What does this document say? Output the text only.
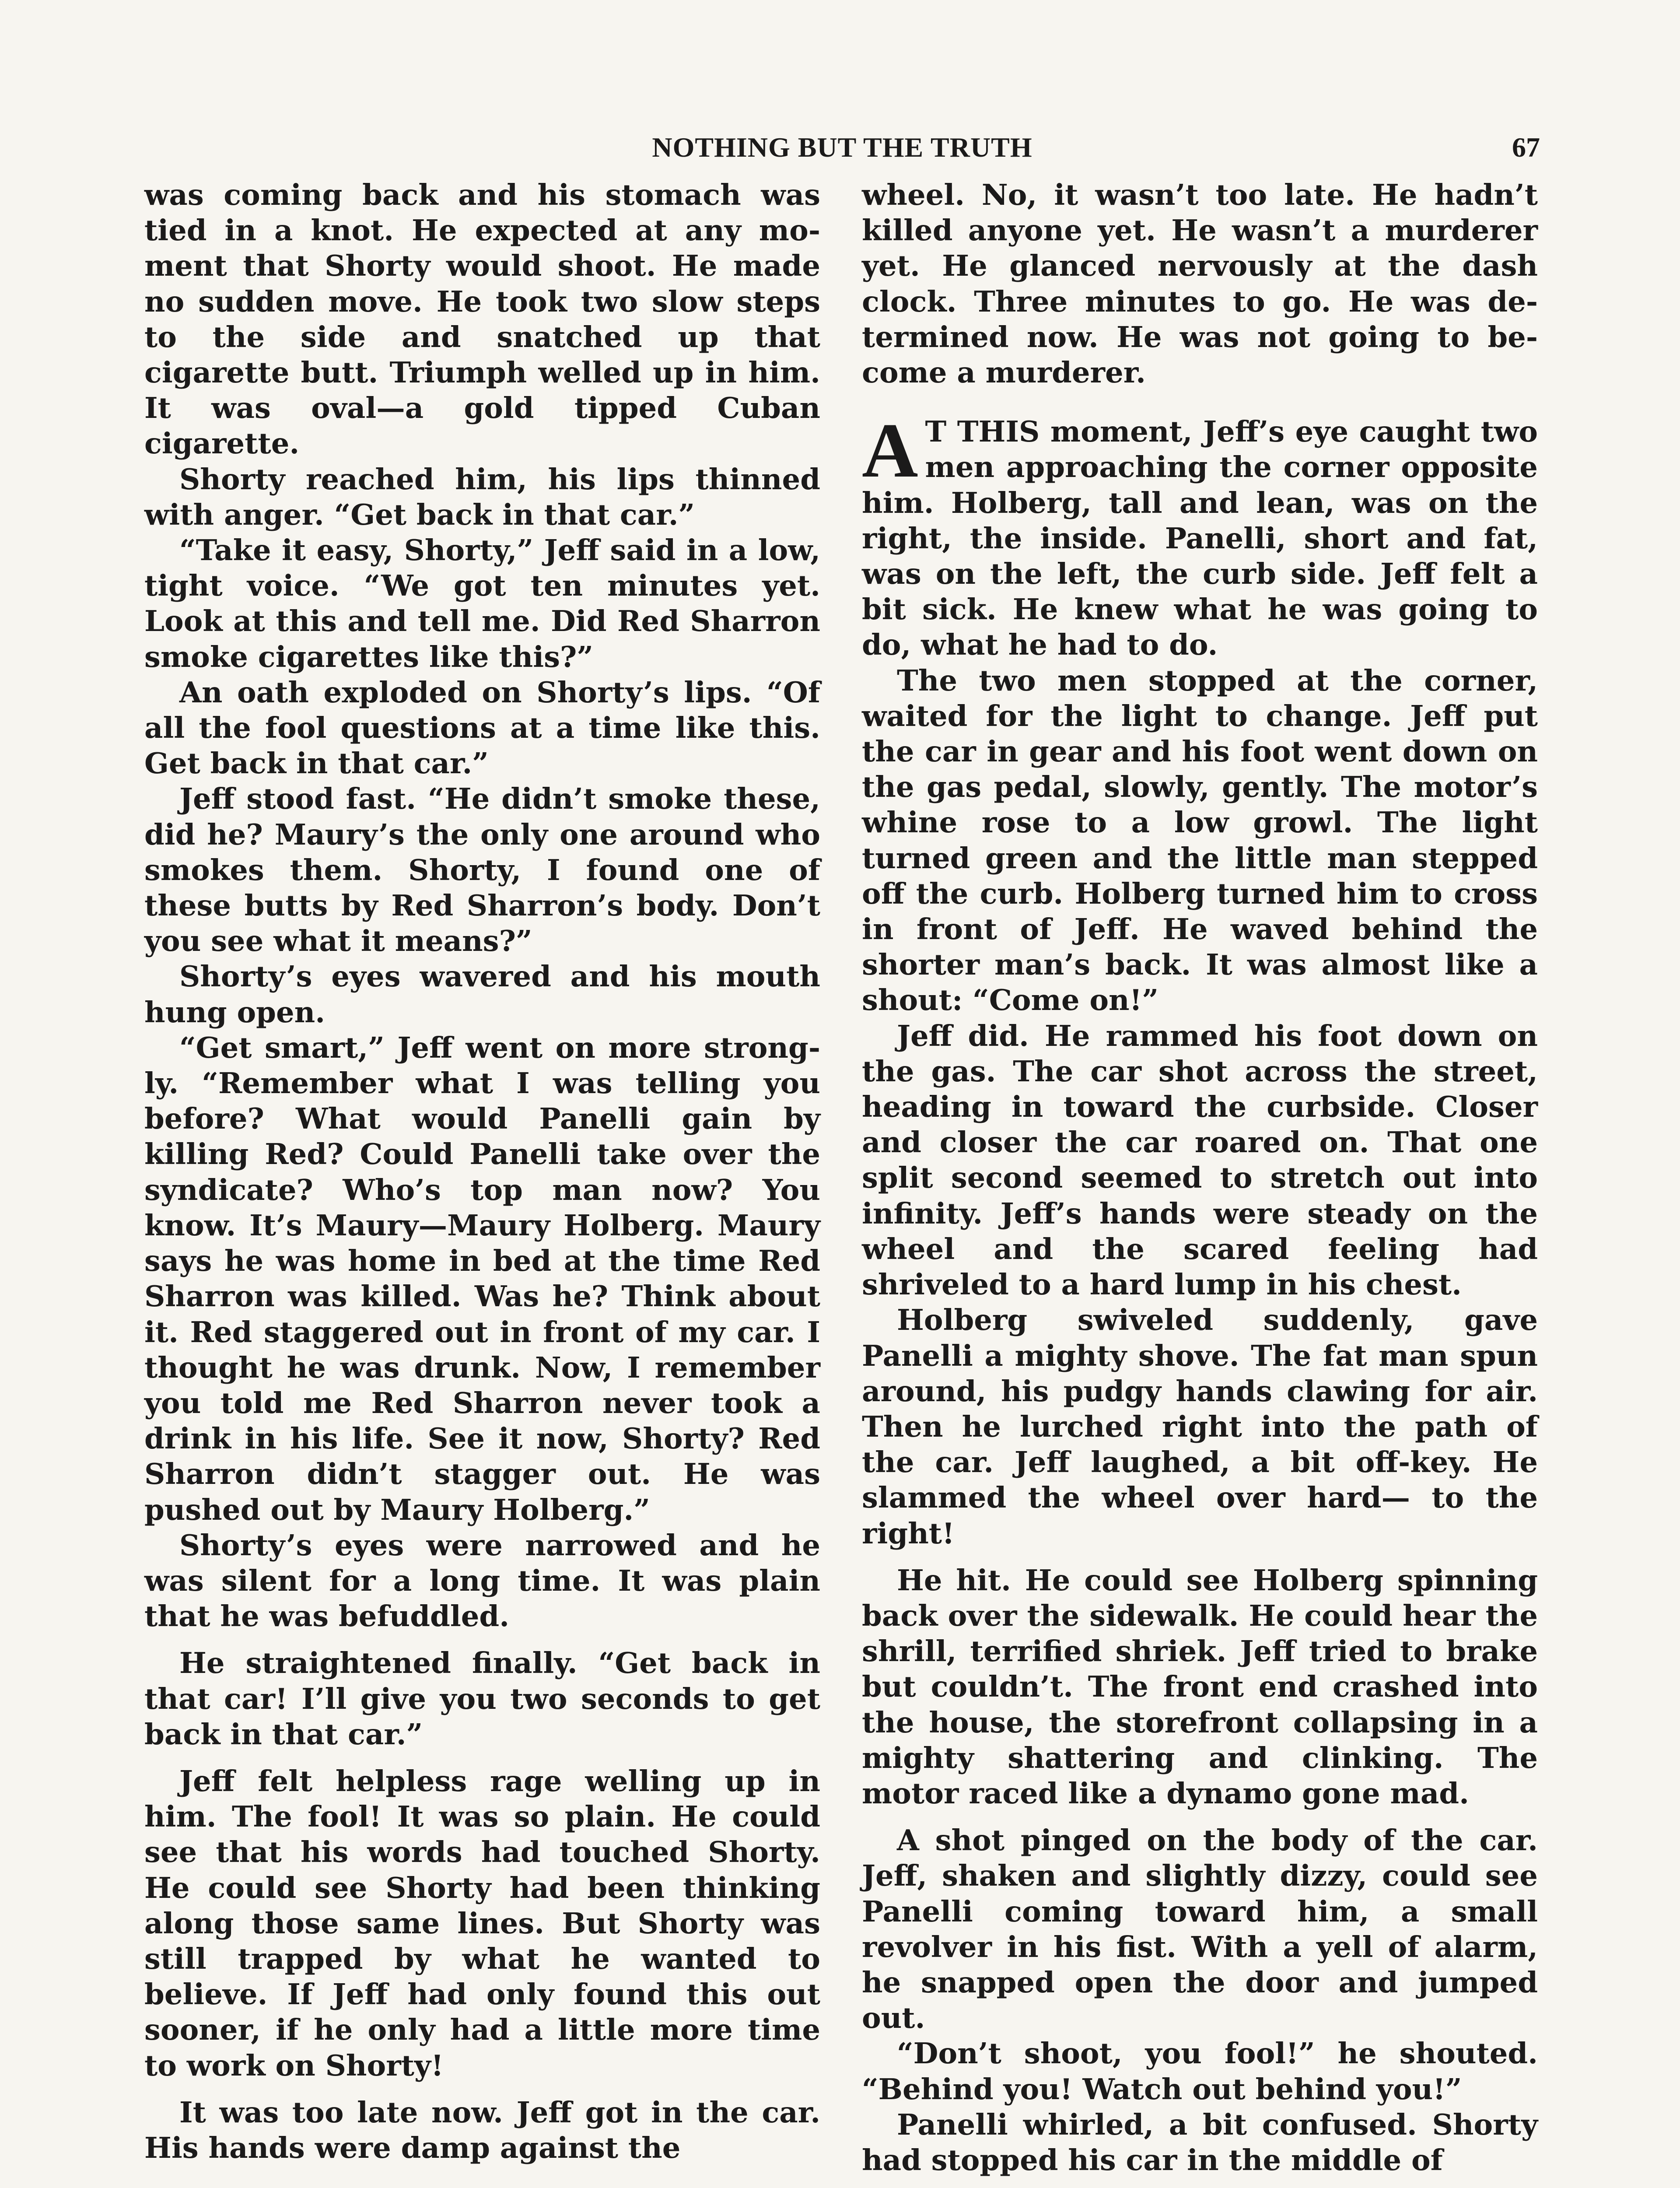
NOTHING BUT THE TRUTH	67

was coming back and his stomach was tied in a knot. He expected at any moment that Shorty would shoot. He made no sudden move. He took two slow steps to the side and snatched up that cigarette butt. Triumph welled up in him. It was oval—a gold tipped Cuban cigarette.

Shorty reached him, his lips thinned with anger. “Get back in that car.”

“Take it easy, Shorty,” Jeff said in a low, tight voice. “We got ten minutes yet. Look at this and tell me. Did Red Sharron smoke cigarettes like this?”

An oath exploded on Shorty’s lips. “Of all the fool questions at a time like this. Get back in that car.”

Jeff stood fast. “He didn’t smoke these, did he? Maury’s the only one around who smokes them. Shorty, I found one of these butts by Red Sharron’s body. Don’t you see what it means?”

Shorty’s eyes wavered and his mouth hung open.

“Get smart,” Jeff went on more strongly. “Remember what I was telling you before? What would Panelli gain by killing Red? Could Panelli take over the syndicate? Who’s top man now? You know. It’s Maury—Maury Holberg. Maury says he was home in bed at the time Red Sharron was killed. Was he? Think about it. Red staggered out in front of my car. I thought he was drunk. Now, I remember you told me Red Sharron never took a drink in his life. See it now, Shorty? Red Sharron didn’t stagger out. He was pushed out by Maury Holberg.”

Shorty’s eyes were narrowed and he was silent for a long time. It was plain that he was befuddled.

He straightened finally. “Get back in that car! I’ll give you two seconds to get back in that car.”

Jeff felt helpless rage welling up in him. The fool! It was so plain. He could see that his words had touched Shorty. He could see Shorty had been thinking along those same lines. But Shorty was still trapped by what he wanted to believe. If Jeff had only found this out sooner, if he only had a little more time to work on Shorty!

It was too late now. Jeff got in the car. His hands were damp against the

wheel. No, it wasn’t too late. He hadn’t killed anyone yet. He wasn’t a murderer yet. He glanced nervously at the dash clock. Three minutes to go. He was determined now. He was not going to become a murderer.

A T THIS moment, Jeff’s eye caught two men approaching the corner opposite him. Holberg, tall and lean, was on the right, the inside. Panelli, short and fat, was on the left, the curb side. Jeff felt a bit sick. He knew what he was going to do, what he had to do.

The two men stopped at the corner, waited for the light to change. Jeff put the car in gear and his foot went down on the gas pedal, slowly, gently. The motor’s whine rose to a low growl. The light turned green and the little man stepped off the curb. Holberg turned him to cross in front of Jeff. He waved behind the shorter man’s back. It was almost like a shout: “Come on!”

Jeff did. He rammed his foot down on the gas. The car shot across the street, heading in toward the curbside. Closer and closer the car roared on. That one split second seemed to stretch out into infinity. Jeff’s hands were steady on the wheel and the scared feeling had shriveled to a hard lump in his chest.

Holberg swiveled suddenly, gave Panelli a mighty shove. The fat man spun around, his pudgy hands clawing for air. Then he lurched right into the path of the car. Jeff laughed, a bit off-key. He slammed the wheel over hard— to the right!

He hit. He could see Holberg spinning back over the sidewalk. He could hear the shrill, terrified shriek. Jeff tried to brake but couldn’t. The front end crashed into the house, the storefront collapsing in a mighty shattering and clinking. The motor raced like a dynamo gone mad.

A shot pinged on the body of the car. Jeff, shaken and slightly dizzy, could see Panelli coming toward him, a small revolver in his fist. With a yell of alarm, he snapped open the door and jumped out.

“Don’t shoot, you fool!” he shouted. “Behind you! Watch out behind you!”

Panelli whirled, a bit confused. Shorty had stopped his car in the middle of
